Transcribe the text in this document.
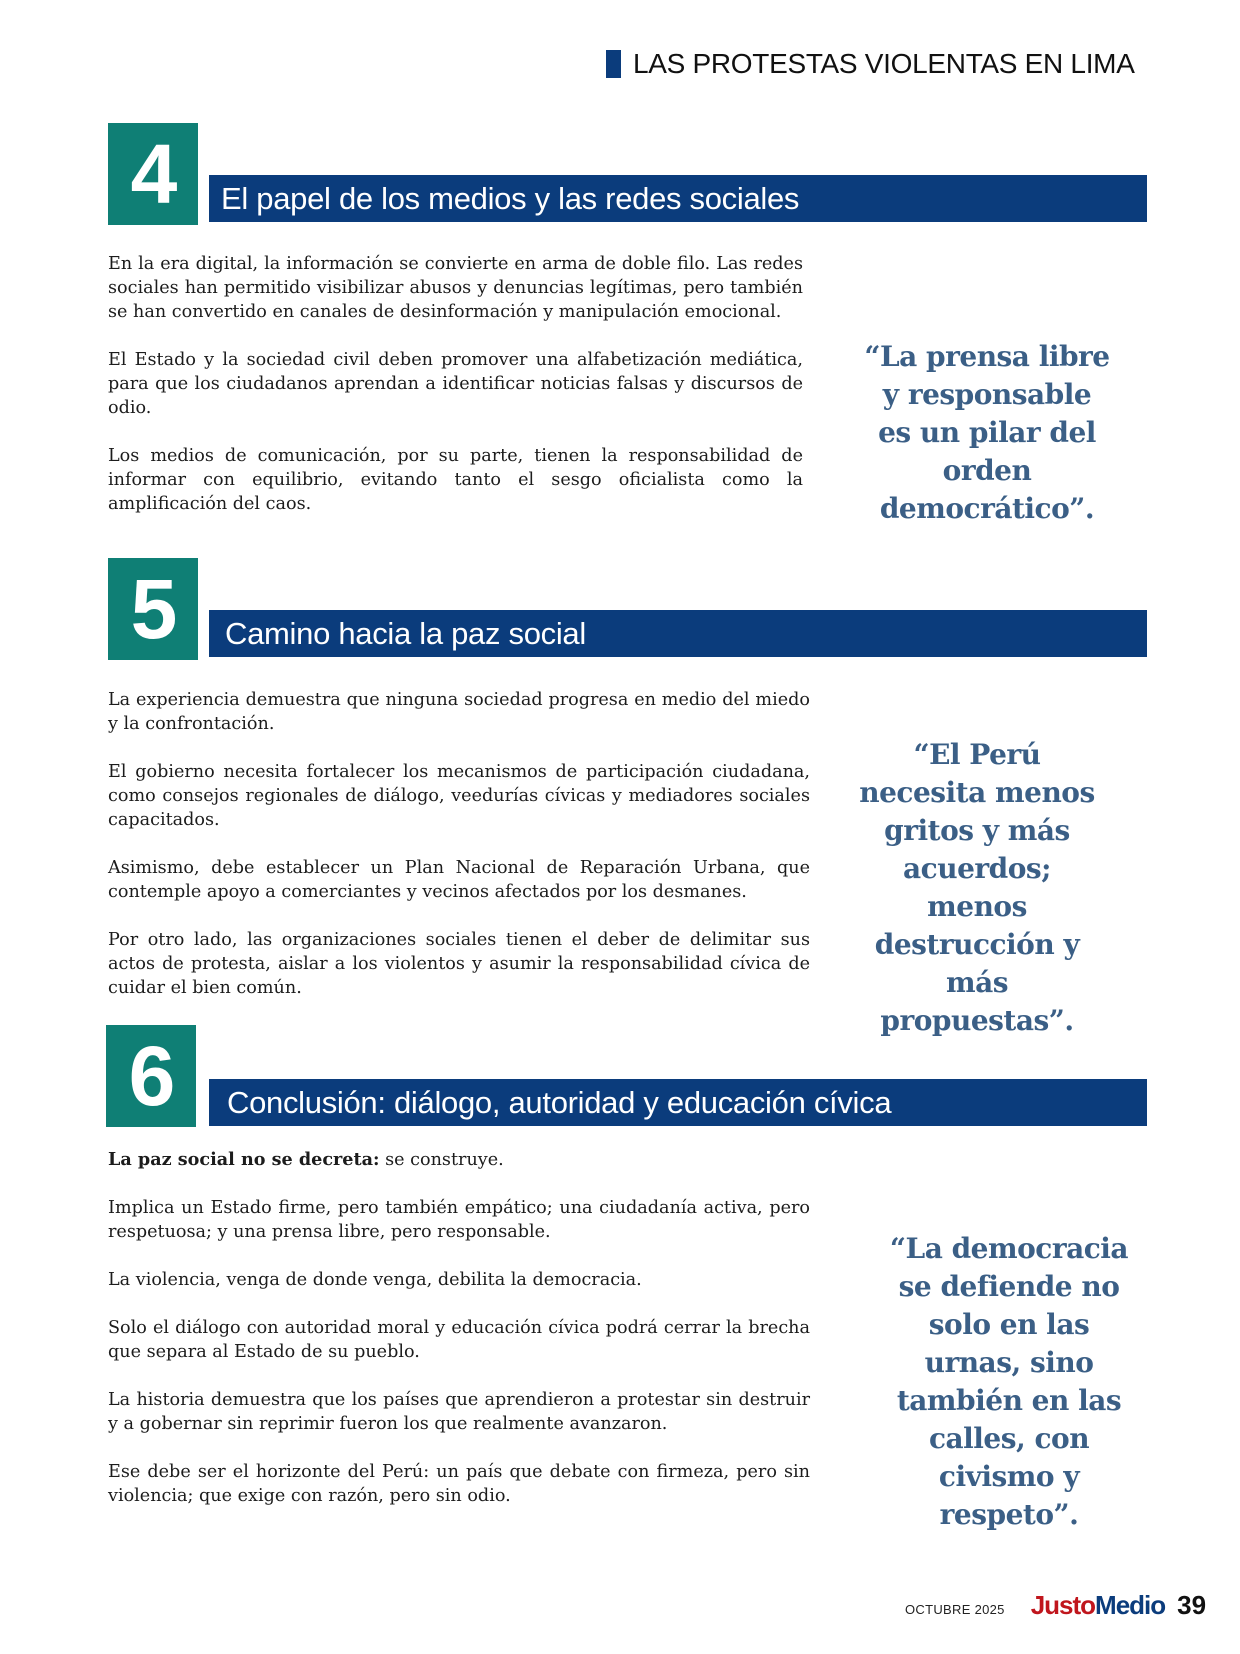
LAS PROTESTAS VIOLENTAS EN LIMA
4	El papel de los medios y las redes sociales

En la era digital, la información se convierte en arma de doble filo. Las redes sociales han permitido visibilizar abusos y denuncias legítimas, pero también se han convertido en canales de desinformación y manipulación emocional.

El Estado y la sociedad civil deben promover una alfabetización mediática, para que los ciudadanos aprendan a identificar noticias falsas y discursos de odio.

Los medios de comunicación, por su parte, tienen la responsabilidad de informar con equilibrio, evitando tanto el sesgo oficialista como la amplificación del caos.

“La prensa libre y responsable es un pilar del orden democrático”.
5	Camino hacia la paz social

La experiencia demuestra que ninguna sociedad progresa en medio del miedo y la confrontación.

El gobierno necesita fortalecer los mecanismos de participación ciudadana, como consejos regionales de diálogo, veedurías cívicas y mediadores sociales capacitados.

Asimismo, debe establecer un Plan Nacional de Reparación Urbana, que contemple apoyo a comerciantes y vecinos afectados por los desmanes.

Por otro lado, las organizaciones sociales tienen el deber de delimitar sus actos de protesta, aislar a los violentos y asumir la responsabilidad cívica de cuidar el bien común.

“El Perú necesita menos gritos y más acuerdos; menos destrucción y más propuestas”.
6	Conclusión: diálogo, autoridad y educación cívica

La paz social no se decreta: se construye.

Implica un Estado firme, pero también empático; una ciudadanía activa, pero respetuosa; y una prensa libre, pero responsable.

La violencia, venga de donde venga, debilita la democracia.

Solo el diálogo con autoridad moral y educación cívica podrá cerrar la brecha que separa al Estado de su pueblo.

La historia demuestra que los países que aprendieron a protestar sin destruir y a gobernar sin reprimir fueron los que realmente avanzaron.

Ese debe ser el horizonte del Perú: un país que debate con firmeza, pero sin violencia; que exige con razón, pero sin odio.

“La democracia se defiende no solo en las urnas, sino también en las calles, con civismo y respeto”.
OCTUBRE 2025 Justo Medio 39
